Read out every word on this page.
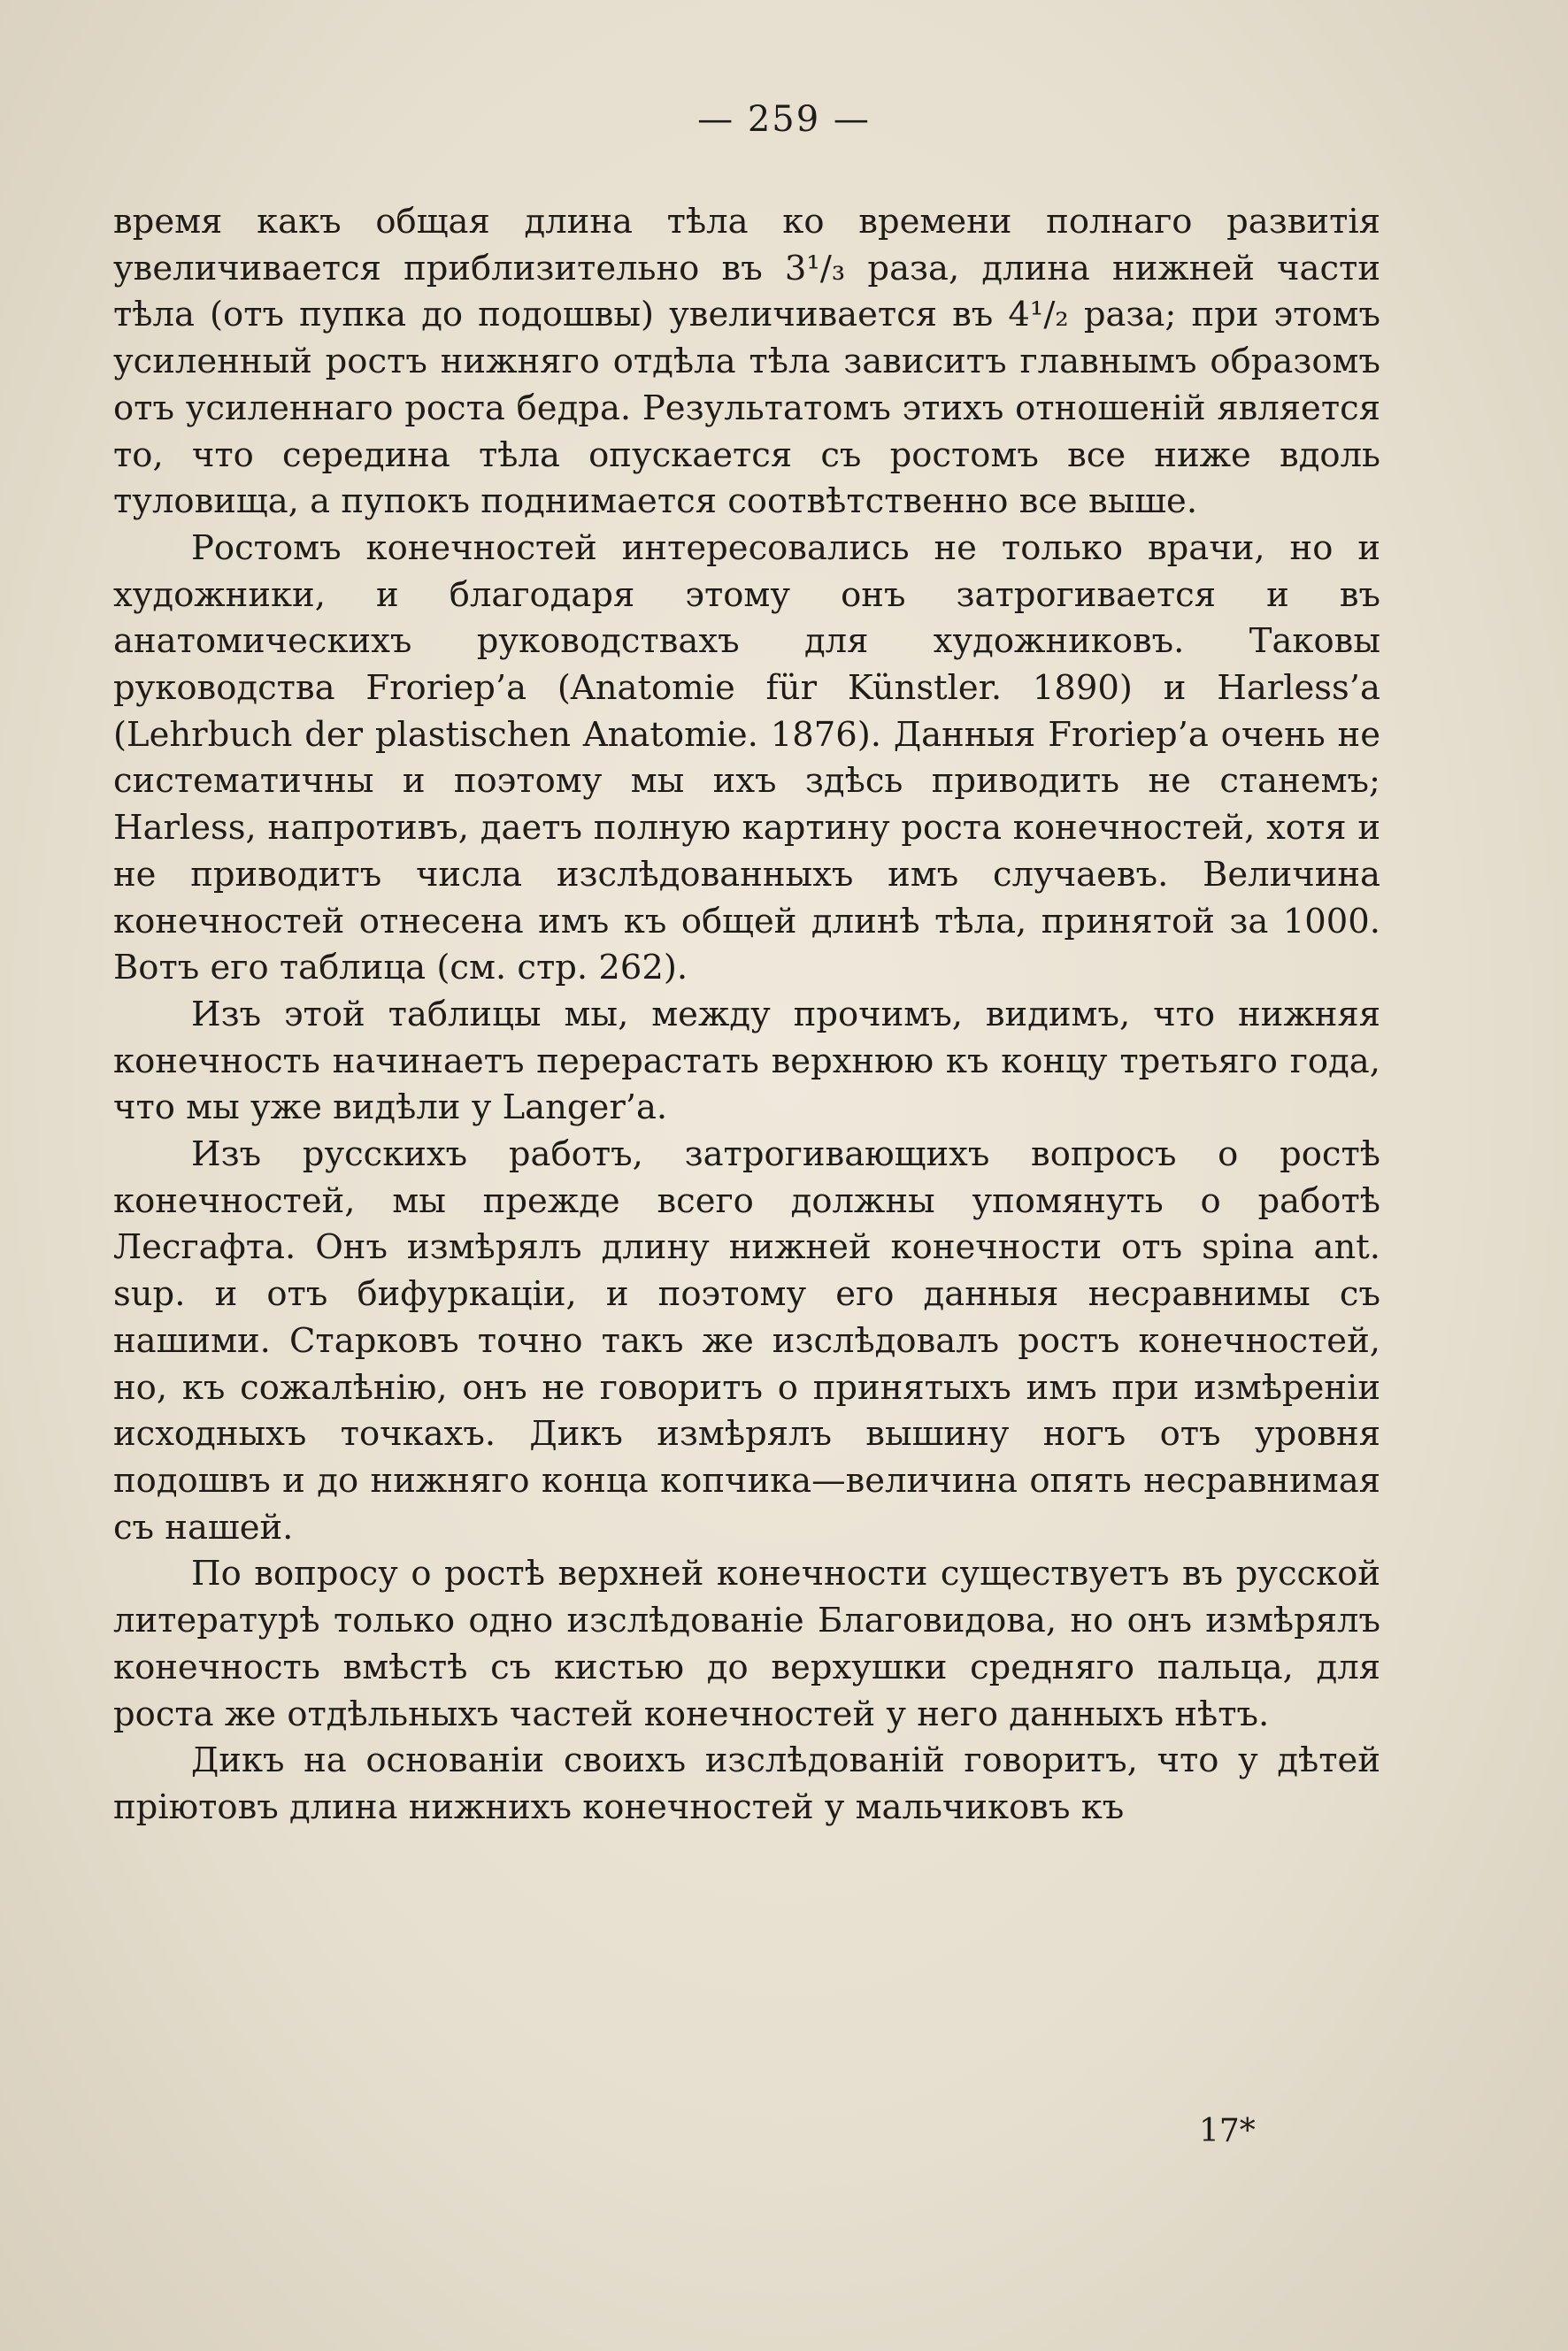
— 259 —

время какъ общая длина тѣла ко времени полнаго развитія увеличивается приблизительно въ 3¹/₃ раза, длина нижней части тѣла (отъ пупка до подошвы) увеличивается въ 4¹/₂ раза; при этомъ усиленный ростъ нижняго отдѣла тѣла зависитъ главнымъ образомъ отъ усиленнаго роста бедра. Результатомъ этихъ отношеній является то, что середина тѣла опускается съ ростомъ все ниже вдоль туловища, а пупокъ поднимается соотвѣтственно все выше.

Ростомъ конечностей интересовались не только врачи, но и художники, и благодаря этому онъ затрогивается и въ анатомическихъ руководствахъ для художниковъ. Таковы руководства Froriep’a (Anatomie für Künstler. 1890) и Harless’a (Lehrbuch der plastischen Anatomie. 1876). Данныя Froriep’a очень не систематичны и поэтому мы ихъ здѣсь приводить не станемъ; Harless, напротивъ, даетъ полную картину роста конечностей, хотя и не приводитъ числа изслѣдованныхъ имъ случаевъ. Величина конечностей отнесена имъ къ общей длинѣ тѣла, принятой за 1000. Вотъ его таблица (см. стр. 262).

Изъ этой таблицы мы, между прочимъ, видимъ, что нижняя конечность начинаетъ перерастать верхнюю къ концу третьяго года, что мы уже видѣли у Langer’a.

Изъ русскихъ работъ, затрогивающихъ вопросъ о ростѣ конечностей, мы прежде всего должны упомянуть о работѣ Лесгафта. Онъ измѣрялъ длину нижней конечности отъ spina ant. sup. и отъ бифуркаціи, и поэтому его данныя несравнимы съ нашими. Старковъ точно такъ же изслѣдовалъ ростъ конечностей, но, къ сожалѣнію, онъ не говоритъ о принятыхъ имъ при измѣреніи исходныхъ точкахъ. Дикъ измѣрялъ вышину ногъ отъ уровня подошвъ и до нижняго конца копчика—величина опять несравнимая съ нашей.

По вопросу о ростѣ верхней конечности существуетъ въ русской литературѣ только одно изслѣдованіе Благовидова, но онъ измѣрялъ конечность вмѣстѣ съ кистью до верхушки средняго пальца, для роста же отдѣльныхъ частей конечностей у него данныхъ нѣтъ.

Дикъ на основаніи своихъ изслѣдованій говоритъ, что у дѣтей пріютовъ длина нижнихъ конечностей у мальчиковъ къ

17*
